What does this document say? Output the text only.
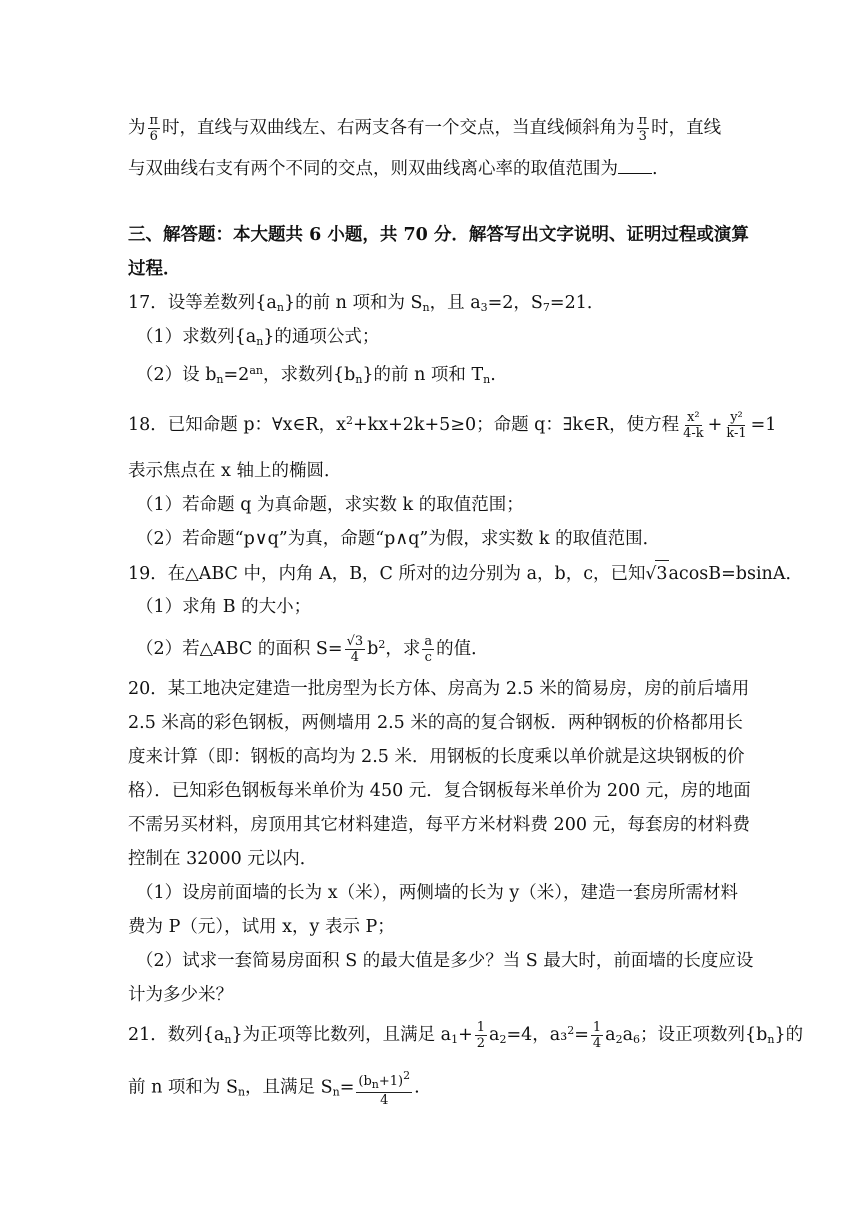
为 $\frac{\pi}{6}$ 时，直线与双曲线左、右两支各有一个交点，当直线倾斜角为 $\frac{\pi}{3}$ 时，直线
与双曲线右支有两个不同的交点，则双曲线离心率的取值范围为 .
三、解答题：本大题共 6 小题，共 70 分．解答写出文字说明、证明过程或演算
过程．
17．设等差数列$\{a_n\}$的前 n 项和为 $S_n$，且 $a_3=2$，$S_7=21$．
（1）求数列$\{a_n\}$的通项公式；
（2）设 $b_n=2^{an}$，求数列$\{b_n\}$的前 n 项和 $T_n$.
18．已知命题 p：∀x∈R，$x^2+kx+2k+5\ge 0$；命题 q：∃k∈R，使方程 $\frac{\text{x²}}{4-k} + \frac{\text{y²}}{k-1} =1$
表示焦点在 x 轴上的椭圆．
（1）若命题 q 为真命题，求实数 k 的取值范围；
（2）若命题“p∨q”为真，命题“p∧q”为假，求实数 k 的取值范围．
19．在△ABC 中，内角 A，B，C 所对的边分别为 a，b，c，已知√3acosB=bsinA．
（1）求角 B 的大小；
（2）若△ABC 的面积 $S= \frac{√3}{4} b^2$，求 $\frac{a}{c}$ 的值．
20．某工地决定建造一批房型为长方体、房高为 2.5 米的简易房，房的前后墙用
2.5 米高的彩色钢板，两侧墙用 2.5 米的高的复合钢板．两种钢板的价格都用长
度来计算（即：钢板的高均为 2.5 米．用钢板的长度乘以单价就是这块钢板的价
格）．已知彩色钢板每米单价为 450 元．复合钢板每米单价为 200 元，房的地面
不需另买材料，房顶用其它材料建造，每平方米材料费 200 元，每套房的材料费
控制在 32000 元以内．
（1）设房前面墙的长为 x（米），两侧墙的长为 y（米），建造一套房所需材料
费为 P（元），试用 x，y 表示 P；
（2）试求一套简易房面积 S 的最大值是多少？当 S 最大时，前面墙的长度应设
计为多少米？
21．数列$\{a_n\}$为正项等比数列，且满足 $a_1+ \frac{1}{2} a_2=4$，$a_3^2= \frac{1}{4} a_2a_6$；设正项数列$\{b_n\}$的
前 n 项和为 $S_n$，且满足 $S_n= \frac{(b_n+1)^2}{4}$ .
